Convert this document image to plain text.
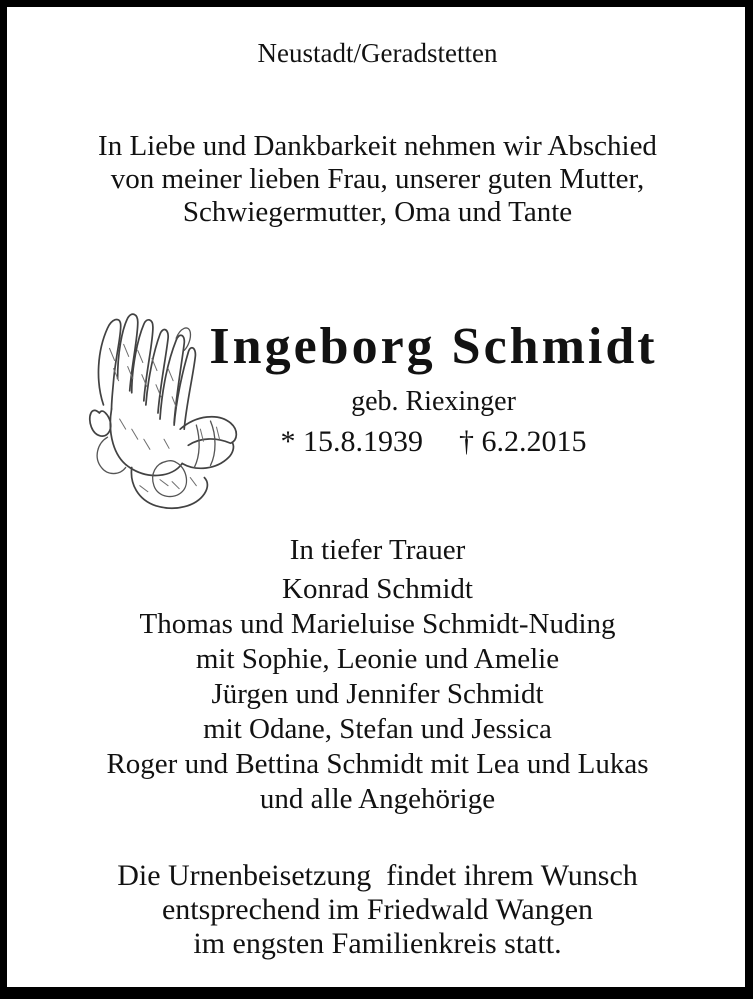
Neustadt/Geradstetten
In Liebe und Dankbarkeit nehmen wir Abschied
von meiner lieben Frau, unserer guten Mutter,
Schwiegermutter, Oma und Tante
Ingeborg Schmidt
geb. Riexinger
* 15.8.1939 † 6.2.2015
In tiefer Trauer
Konrad Schmidt
Thomas und Marieluise Schmidt-Nuding
mit Sophie, Leonie und Amelie
Jürgen und Jennifer Schmidt
mit Odane, Stefan und Jessica
Roger und Bettina Schmidt mit Lea und Lukas
und alle Angehörige
Die Urnenbeisetzung  findet ihrem Wunsch
entsprechend im Friedwald Wangen
im engsten Familienkreis statt.
